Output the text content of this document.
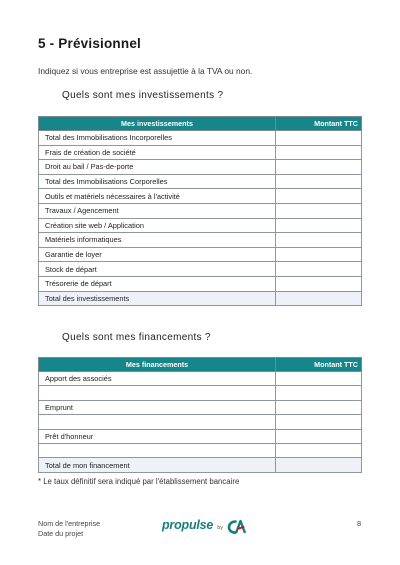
5 - Prévisionnel
Indiquez si vous entreprise est assujettie à la TVA ou non.
Quels sont mes investissements ?
Mes investissements	Montant TTC
Total des Immobilisations Incorporelles	
Frais de création de société	
Droit au bail / Pas-de-porte	
Total des Immobilisations Corporelles	
Outils et matériels nécessaires à l'activité	
Travaux / Agencement	
Création site web / Application	
Matériels informatiques	
Garantie de loyer	
Stock de départ	
Trésorerie de départ	
Total des investissements	
Quels sont mes financements ?
Mes financements	Montant TTC
Apport des associés	

Emprunt	

Prêt d'honneur	

Total de mon financement	
* Le taux définitif sera indiqué par l'établissement bancaire
Nom de l'entreprise
Date du projet
propulse by	8
